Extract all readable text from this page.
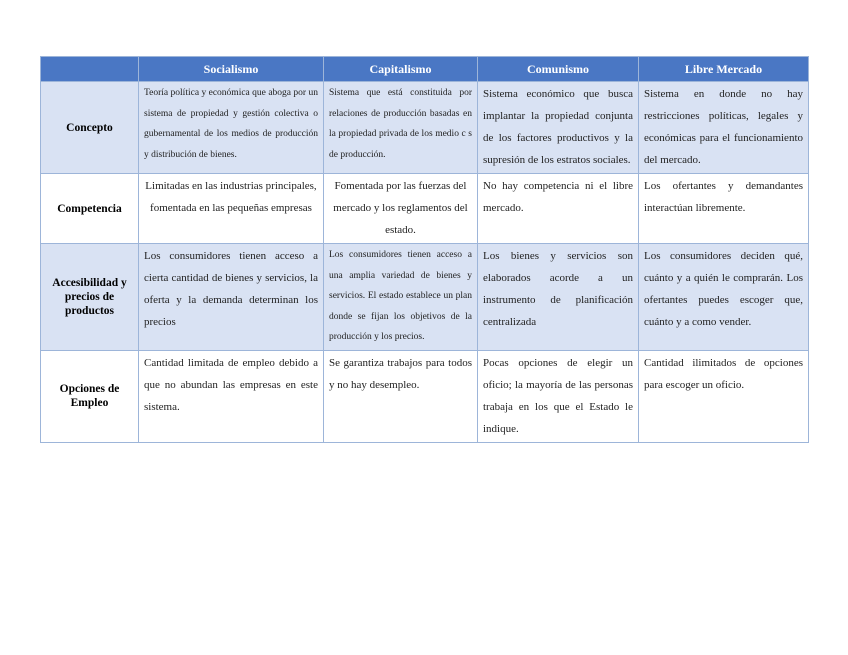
	Socialismo	Capitalismo	Comunismo	Libre Mercado
Concepto	Teoría política y económica que aboga por un sistema de propiedad y gestión colectiva o gubernamental de los medios de producción y distribución de bienes.	Sistema que está constituida por relaciones de producción basadas en la propiedad privada de los medio c s de producción.	Sistema económico que busca implantar la propiedad conjunta de los factores productivos y la supresión de los estratos sociales.	Sistema en donde no hay restricciones políticas, legales y económicas para el funcionamiento del mercado.
Competencia	Limitadas en las industrias principales, fomentada en las pequeñas empresas	Fomentada por las fuerzas del mercado y los reglamentos del estado.	No hay competencia ni el libre mercado.	Los ofertantes y demandantes interactúan libremente.
Accesibilidad y precios de productos	Los consumidores tienen acceso a cierta cantidad de bienes y servicios, la oferta y la demanda determinan los precios	Los consumidores tienen acceso a una amplia variedad de bienes y servicios. El estado establece un plan donde se fijan los objetivos de la producción y los precios.	Los bienes y servicios son elaborados acorde a un instrumento de planificación centralizada	Los consumidores deciden qué, cuánto y a quién le comprarán. Los ofertantes puedes escoger que, cuánto y a como vender.
Opciones de Empleo	Cantidad limitada de empleo debido a que no abundan las empresas en este sistema.	Se garantiza trabajos para todos y no hay desempleo.	Pocas opciones de elegir un oficio; la mayoría de las personas trabaja en los que el Estado le indique.	Cantidad ilimitados de opciones para escoger un oficio.
